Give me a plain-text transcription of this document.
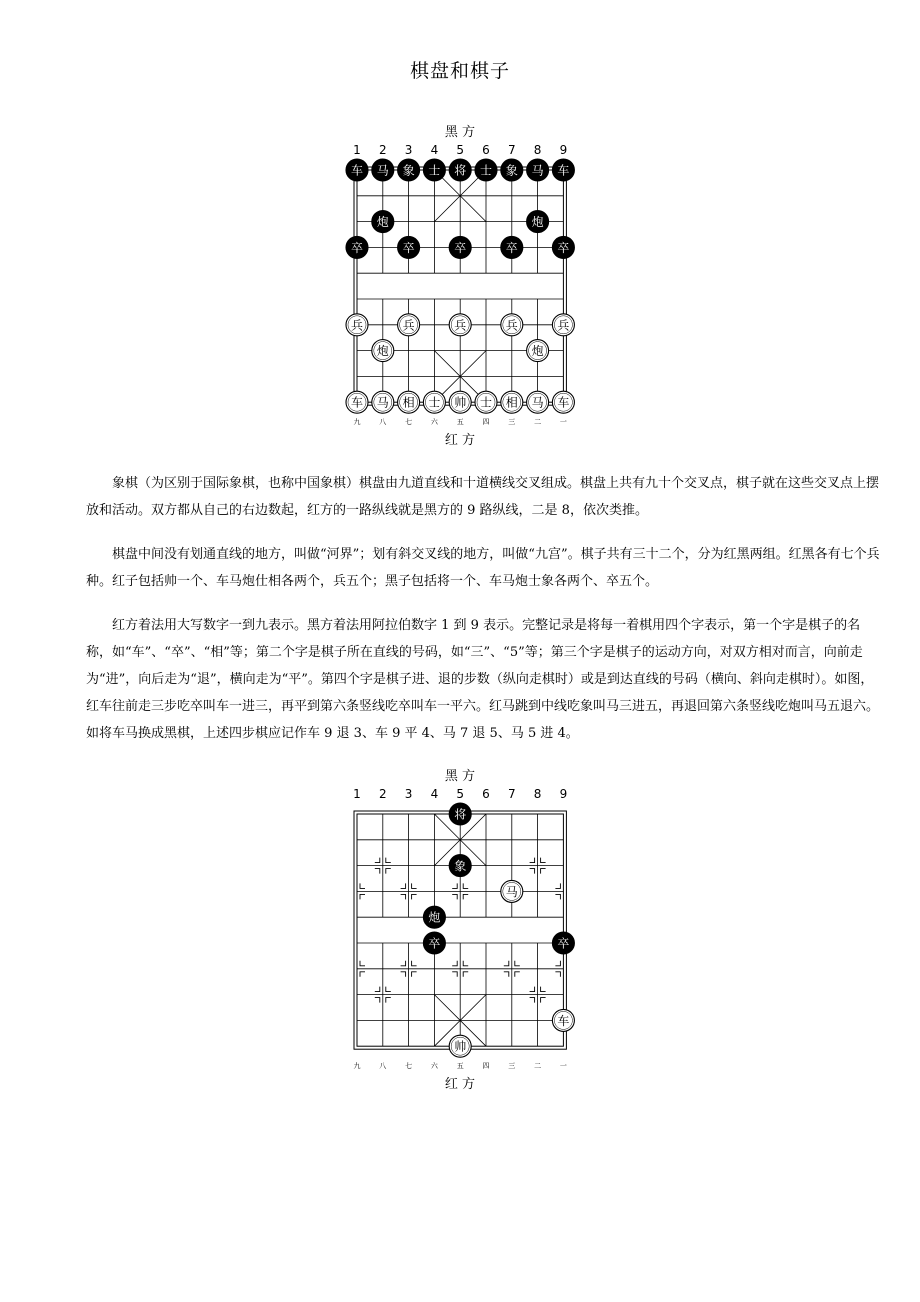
棋盘和棋子
黑 方
1 2 3 4 5 6 7 8 9
车 马 象 士 将 士 象 马 车
炮	炮
卒	卒	卒	卒	卒
兵	兵	兵	兵	兵
炮	炮
车 马 相 士 帅 士 相 马 车
九	八	七	六	五	四	三	二	一
红 方

象棋（为区别于国际象棋，也称中国象棋）棋盘由九道直线和十道横线交叉组成。棋盘上共有九十个交叉点，棋子就在这些交叉点上摆放和活动。双方都从自己的右边数起，红方的一路纵线就是黑方的 9 路纵线，二是 8，依次类推。

棋盘中间没有划通直线的地方，叫做“河界”；划有斜交叉线的地方，叫做“九宫”。棋子共有三十二个，分为红黑两组。红黑各有七个兵种。红子包括帅一个、车马炮仕相各两个，兵五个；黑子包括将一个、车马炮士象各两个、卒五个。

红方着法用大写数字一到九表示。黑方着法用阿拉伯数字 1 到 9 表示。完整记录是将每一着棋用四个字表示，第一个字是棋子的名称，如“车”、“卒”、“相”等；第二个字是棋子所在直线的号码，如“三”、“5”等；第三个字是棋子的运动方向，对双方相对而言，向前走为“进”，向后走为“退”，横向走为“平”。第四个字是棋子进、退的步数（纵向走棋时）或是到达直线的号码（横向、斜向走棋时）。如图，红车往前走三步吃卒叫车一进三，再平到第六条竖线吃卒叫车一平六。红马跳到中线吃象叫马三进五，再退回第六条竖线吃炮叫马五退六。如将车马换成黑棋，上述四步棋应记作车 9 退 3、车 9 平 4、马 7 退 5、马 5 进 4。

黑 方
1 2 3 4 5 6 7 8 9
将
象
马
炮
卒	卒
车
帅
九	八	七	六	五	四	三	二	一
红 方
